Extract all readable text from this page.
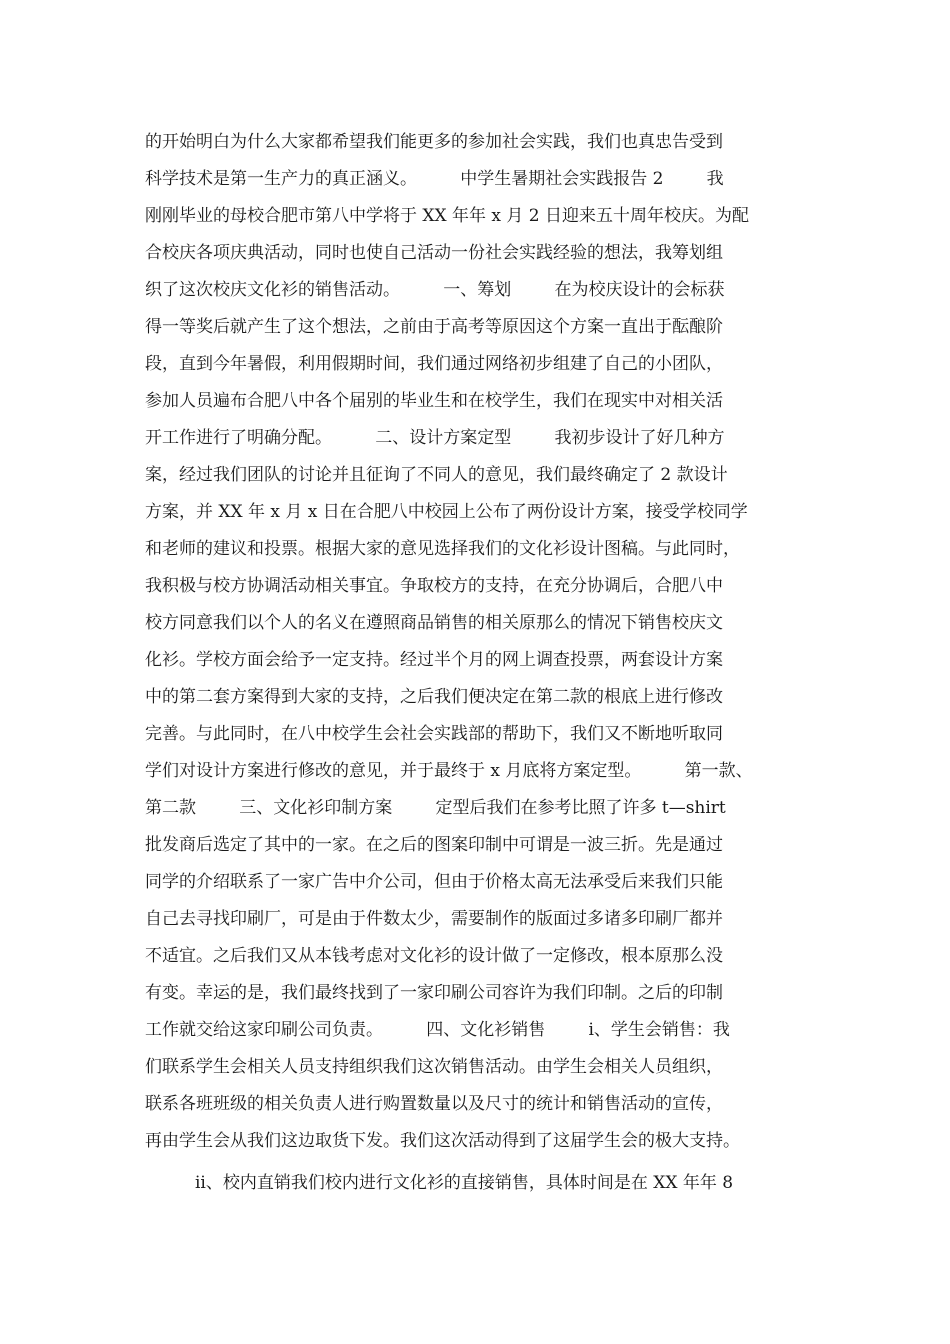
的开始明白为什么大家都希望我们能更多的参加社会实践，我们也真忠告受到
科学技术是第一生产力的真正涵义。        中学生暑期社会实践报告 2        我
刚刚毕业的母校合肥市第八中学将于 XX 年年 x 月 2 日迎来五十周年校庆。为配
合校庆各项庆典活动，同时也使自己活动一份社会实践经验的想法，我筹划组
织了这次校庆文化衫的销售活动。        一、筹划        在为校庆设计的会标获
得一等奖后就产生了这个想法，之前由于高考等原因这个方案一直出于酝酿阶
段，直到今年暑假，利用假期时间，我们通过网络初步组建了自己的小团队，
参加人员遍布合肥八中各个届别的毕业生和在校学生，我们在现实中对相关活
开工作进行了明确分配。        二、设计方案定型        我初步设计了好几种方
案，经过我们团队的讨论并且征询了不同人的意见，我们最终确定了 2 款设计
方案，并 XX 年 x 月 x 日在合肥八中校园上公布了两份设计方案，接受学校同学
和老师的建议和投票。根据大家的意见选择我们的文化衫设计图稿。与此同时，
我积极与校方协调活动相关事宜。争取校方的支持，在充分协调后，合肥八中
校方同意我们以个人的名义在遵照商品销售的相关原那么的情况下销售校庆文
化衫。学校方面会给予一定支持。经过半个月的网上调查投票，两套设计方案
中的第二套方案得到大家的支持，之后我们便决定在第二款的根底上进行修改
完善。与此同时，在八中校学生会社会实践部的帮助下，我们又不断地听取同
学们对设计方案进行修改的意见，并于最终于 x 月底将方案定型。        第一款、
第二款        三、文化衫印制方案        定型后我们在参考比照了许多 t—shirt
批发商后选定了其中的一家。在之后的图案印制中可谓是一波三折。先是通过
同学的介绍联系了一家广告中介公司，但由于价格太高无法承受后来我们只能
自己去寻找印刷厂，可是由于件数太少，需要制作的版面过多诸多印刷厂都并
不适宜。之后我们又从本钱考虑对文化衫的设计做了一定修改，根本原那么没
有变。幸运的是，我们最终找到了一家印刷公司容许为我们印制。之后的印制
工作就交给这家印刷公司负责。        四、文化衫销售        i、学生会销售：我
们联系学生会相关人员支持组织我们这次销售活动。由学生会相关人员组织，
联系各班班级的相关负责人进行购置数量以及尺寸的统计和销售活动的宣传，
再由学生会从我们这边取货下发。我们这次活动得到了这届学生会的极大支持。
ii、校内直销我们校内进行文化衫的直接销售，具体时间是在 XX 年年 8
